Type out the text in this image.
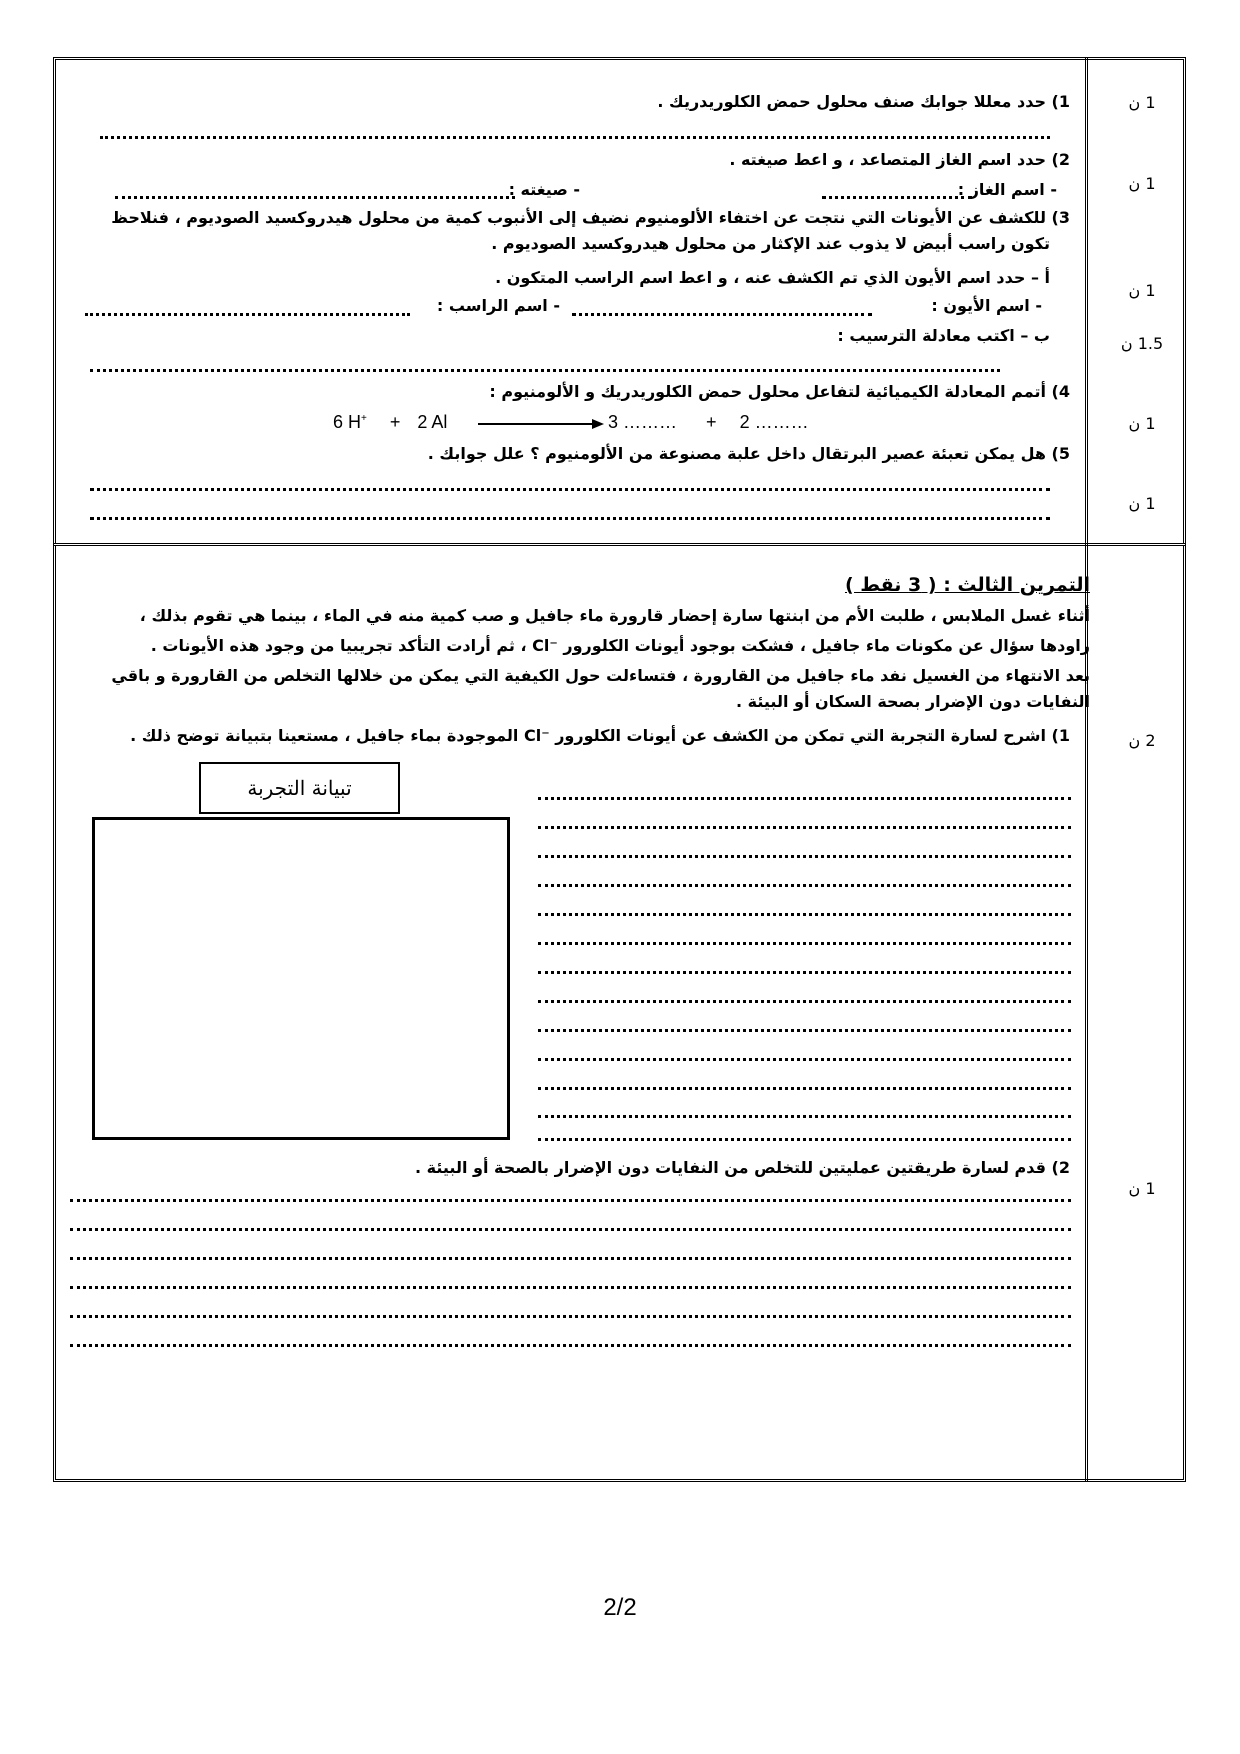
1) حدد معللا جوابك صنف محلول حمض الكلوريدريك .
2) حدد اسم الغاز المتصاعد ، و اعط صيغته .
- اسم الغاز :
- صيغته :
3) للكشف عن الأيونات التي نتجت عن اختفاء الألومنيوم نضيف إلى الأنبوب كمية من محلول هيدروكسيد الصوديوم ، فنلاحظ
تكون راسب أبيض لا يذوب عند الإكثار من محلول هيدروكسيد الصوديوم .
أ – حدد اسم الأيون الذي تم الكشف عنه ، و اعط اسم الراسب المتكون .
- اسم الأيون :
- اسم الراسب :
ب – اكتب معادلة الترسيب :
4) أتمم المعادلة الكيميائية لتفاعل محلول حمض الكلوريدريك و الألومنيوم :
6 H+ + 2 Al	3 ……… + 2 ………
5) هل يمكن تعبئة عصير البرتقال داخل علبة مصنوعة من الألومنيوم ؟ علل جوابك .
1 ن
1 ن
1 ن
1.5 ن
1 ن
1 ن
التمرين الثالث : ( 3 نقط )
أثناء غسل الملابس ، طلبت الأم من ابنتها سارة إحضار قارورة ماء جافيل و صب كمية منه في الماء ، بينما هي تقوم بذلك ،
راودها سؤال عن مكونات ماء جافيل ، فشكت بوجود أيونات الكلورور ⁻Cl ، ثم أرادت التأكد تجريبيا من وجود هذه الأيونات .
بعد الانتهاء من الغسيل نفد ماء جافيل من القارورة ، فتساءلت حول الكيفية التي يمكن من خلالها التخلص من القارورة و باقي
النفايات دون الإضرار بصحة السكان أو البيئة .
1) اشرح لسارة التجربة التي تمكن من الكشف عن أيونات الكلورور ⁻Cl الموجودة بماء جافيل ، مستعينا بتبيانة توضح ذلك .
تبيانة التجربة
2) قدم لسارة طريقتين عمليتين للتخلص من النفايات دون الإضرار بالصحة أو البيئة .
2 ن
1 ن
2/2
